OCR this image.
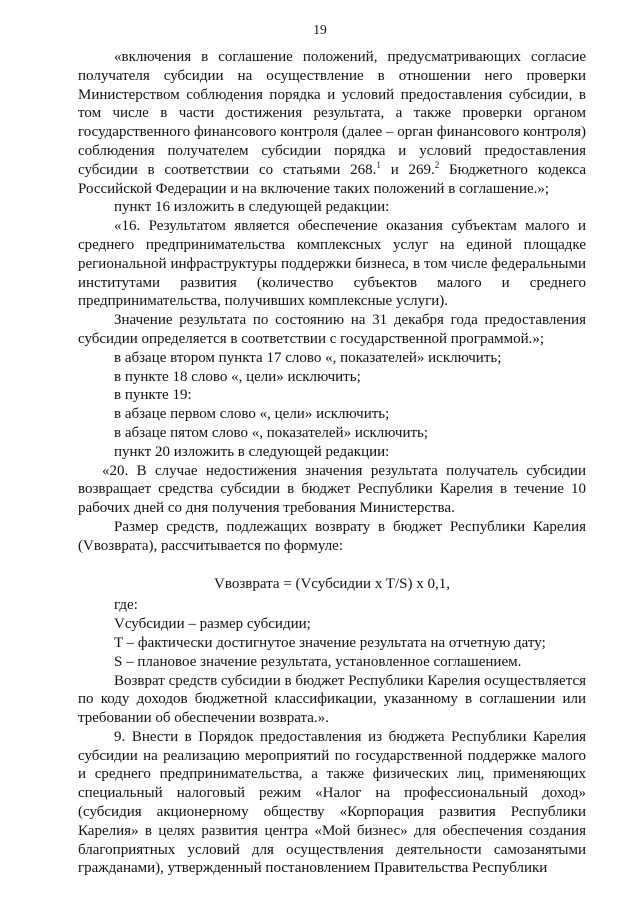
19

«включения в соглашение положений, предусматривающих согласие получателя субсидии на осуществление в отношении него проверки Министерством соблюдения порядка и условий предоставления субсидии, в том числе в части достижения результата, а также проверки органом государственного финансового контроля (далее – орган финансового контроля) соблюдения получателем субсидии порядка и условий предоставления субсидии в соответствии со статьями 268.$^1$ и 269.$^2$ Бюджетного кодекса Российской Федерации и на включение таких положений в соглашение.»;

пункт 16 изложить в следующей редакции:

«16. Результатом является обеспечение оказания субъектам малого и среднего предпринимательства комплексных услуг на единой площадке региональной инфраструктуры поддержки бизнеса, в том числе федеральными институтами развития (количество субъектов малого и среднего предпринимательства, получивших комплексные услуги).

Значение результата по состоянию на 31 декабря года предоставления субсидии определяется в соответствии с государственной программой.»;

в абзаце втором пункта 17 слово «, показателей» исключить;

в пункте 18 слово «, цели» исключить;

в пункте 19:

в абзаце первом слово «, цели» исключить;

в абзаце пятом слово «, показателей» исключить;

пункт 20 изложить в следующей редакции:

«20. В случае недостижения значения результата получатель субсидии возвращает средства субсидии в бюджет Республики Карелия в течение 10 рабочих дней со дня получения требования Министерства.

Размер средств, подлежащих возврату в бюджет Республики Карелия (Vвозврата), рассчитывается по формуле:

Vвозврата = (Vсубсидии x T/S) x 0,1,

где:

Vсубсидии – размер субсидии;

T – фактически достигнутое значение результата на отчетную дату;

S – плановое значение результата, установленное соглашением.

Возврат средств субсидии в бюджет Республики Карелия осуществляется по коду доходов бюджетной классификации, указанному в соглашении или требовании об обеспечении возврата.».

9. Внести в Порядок предоставления из бюджета Республики Карелия субсидии на реализацию мероприятий по государственной поддержке малого и среднего предпринимательства, а также физических лиц, применяющих специальный налоговый режим «Налог на профессиональный доход» (субсидия акционерному обществу «Корпорация развития Республики Карелия» в целях развития центра «Мой бизнес» для обеспечения создания благоприятных условий для осуществления деятельности самозанятыми гражданами), утвержденный постановлением Правительства Республики
